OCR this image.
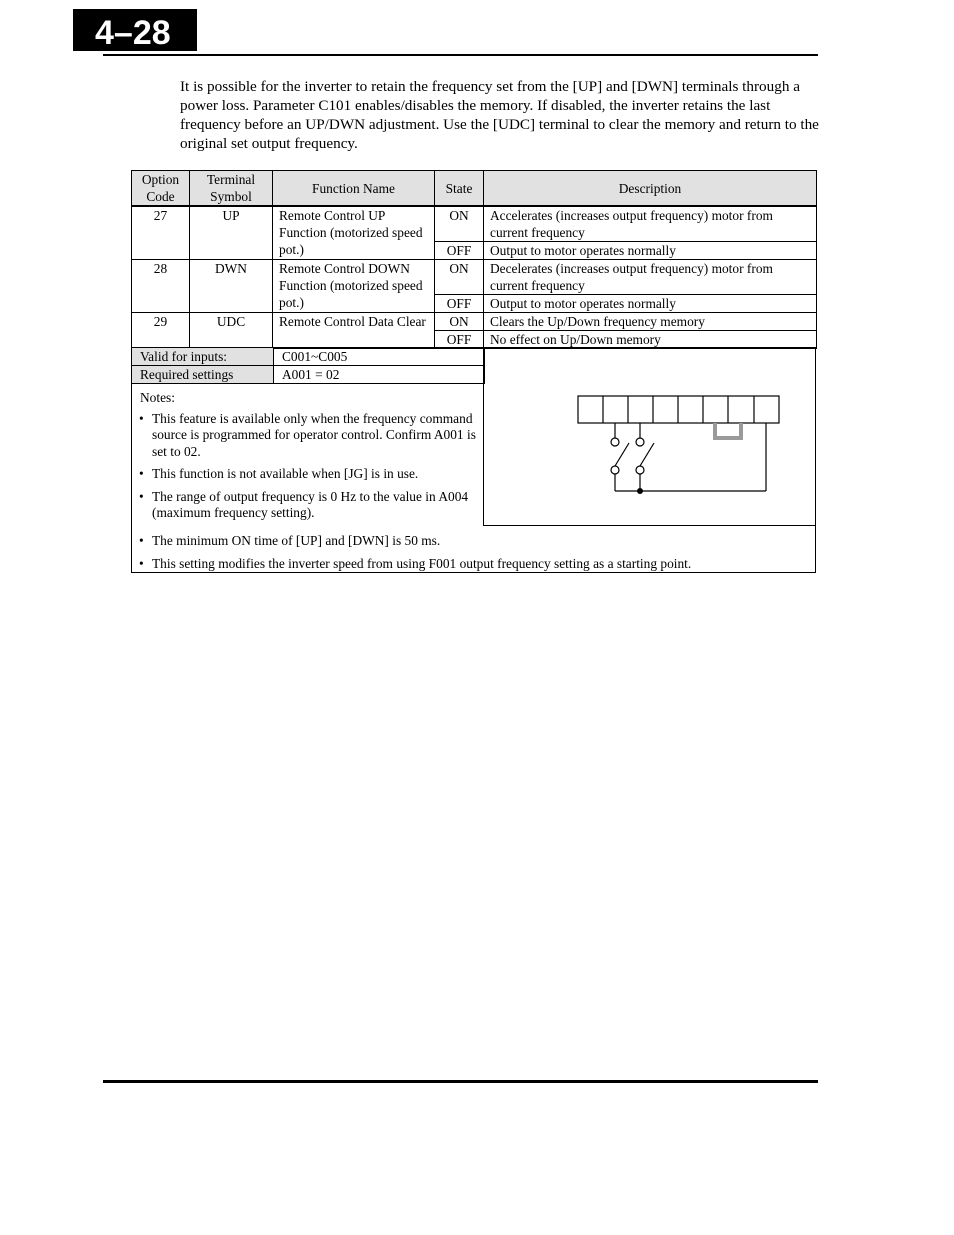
4–28

It is possible for the inverter to retain the frequency set from the [UP] and [DWN] terminals through a power loss. Parameter C101 enables/disables the memory. If disabled, the inverter retains the last frequency before an UP/DWN adjustment. Use the [UDC] terminal to clear the memory and return to the original set output frequency.

Option Code	Terminal Symbol	Function Name	State	Description
27	UP	Remote Control UP Function (motorized speed pot.)	ON	Accelerates (increases output frequency) motor from current frequency
			OFF	Output to motor operates normally
28	DWN	Remote Control DOWN Function (motorized speed pot.)	ON	Decelerates (increases output frequency) motor from current frequency
			OFF	Output to motor operates normally
29	UDC	Remote Control Data Clear	ON	Clears the Up/Down frequency memory
			OFF	No effect on Up/Down memory
Valid for inputs:	C001~C005
Required settings	A001 = 02
Notes:
• This feature is available only when the frequency command source is programmed for operator control. Confirm A001 is set to 02.
• This function is not available when [JG] is in use.
• The range of output frequency is 0 Hz to the value in A004 (maximum frequency setting).
• The minimum ON time of [UP] and [DWN] is 50 ms.
• This setting modifies the inverter speed from using F001 output frequency setting as a starting point.
